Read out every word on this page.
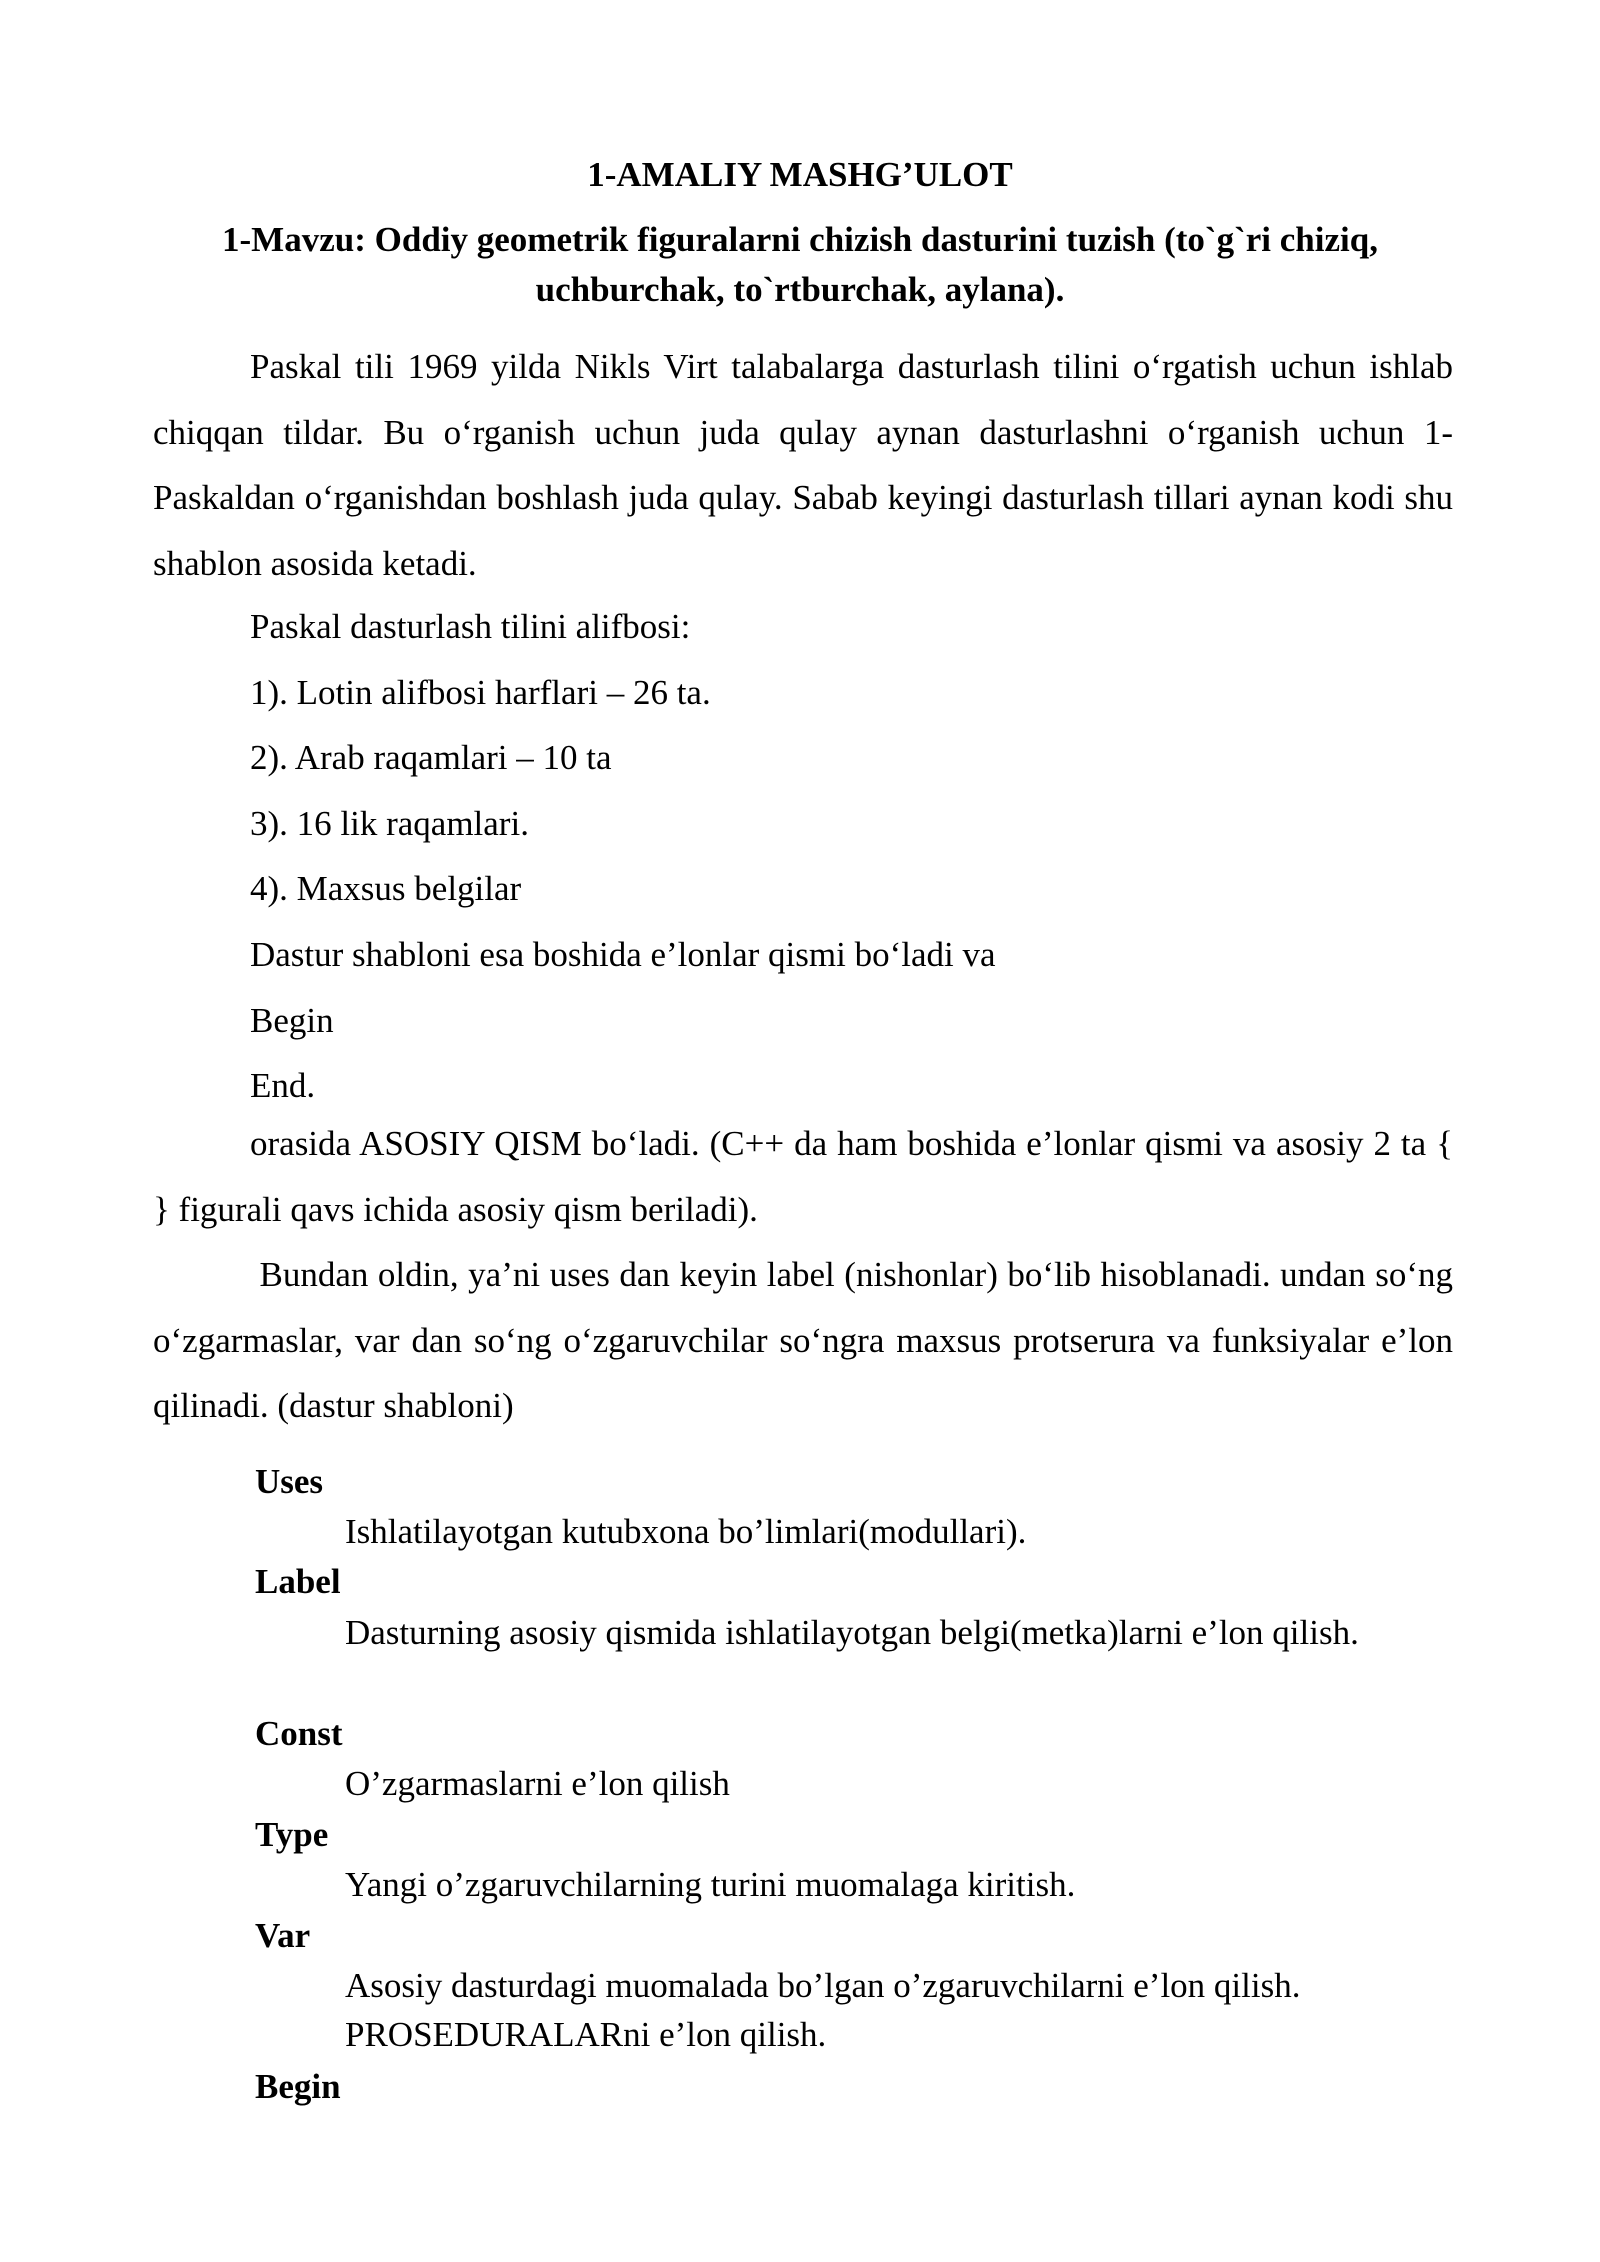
1-AMALIY MASHG’ULOT
1-Mavzu: Oddiy geometrik figuralarni chizish dasturini tuzish (to`g`ri chiziq,
uchburchak, to`rtburchak, aylana).

Paskal tili 1969 yilda Nikls Virt talabalarga dasturlash tilini o‘rgatish uchun ishlab chiqqan tildar. Bu o‘rganish uchun juda qulay aynan dasturlashni o‘rganish uchun 1-Paskaldan o‘rganishdan boshlash juda qulay. Sabab keyingi dasturlash tillari aynan kodi shu shablon asosida ketadi.

Paskal dasturlash tilini alifbosi:
1). Lotin alifbosi harflari – 26 ta.
2). Arab raqamlari – 10 ta
3). 16 lik raqamlari.
4). Maxsus belgilar
Dastur shabloni esa boshida e’lonlar qismi bo‘ladi va
Begin
End.

orasida ASOSIY QISM bo‘ladi. (C++ da ham boshida e’lonlar qismi va asosiy 2 ta { } figurali qavs ichida asosiy qism beriladi).

Bundan oldin, ya’ni uses dan keyin label (nishonlar) bo‘lib hisoblanadi. undan so‘ng o‘zgarmaslar, var dan so‘ng o‘zgaruvchilar so‘ngra maxsus protserura va funksiyalar e’lon qilinadi. (dastur shabloni)

Uses
Ishlatilayotgan kutubxona bo’limlari(modullari).
Label

Dasturning asosiy qismida ishlatilayotgan belgi(metka)larni e’lon qilish.

Const
O’zgarmaslarni e’lon qilish
Type
Yangi o’zgaruvchilarning turini muomalaga kiritish.
Var
Asosiy dasturdagi muomalada bo’lgan o’zgaruvchilarni e’lon qilish.
PROSEDURALARni e’lon qilish.
Begin
